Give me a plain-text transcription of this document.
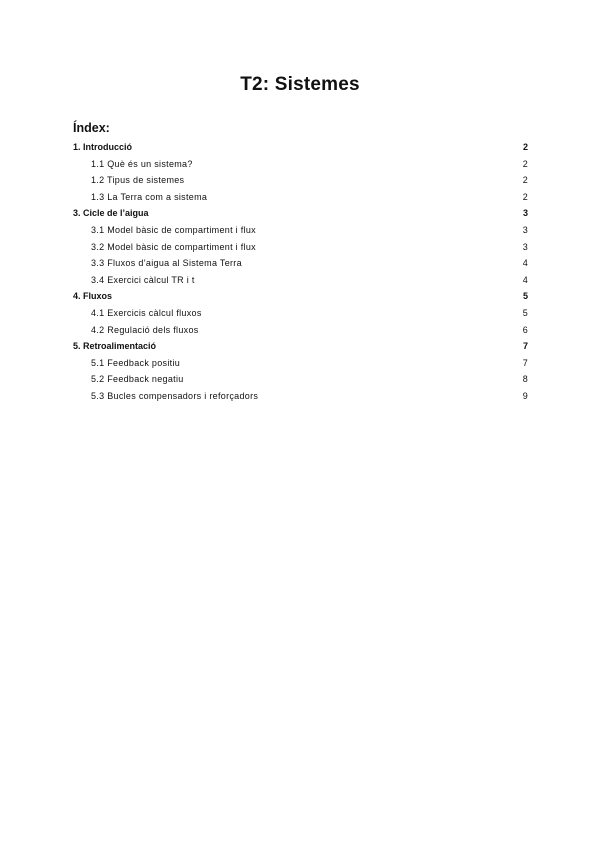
T2: Sistemes
Índex:
1. Introducció	2
1.1 Què és un sistema?	2
1.2 Tipus de sistemes	2
1.3 La Terra com a sistema	2
3. Cicle de l’aigua	3
3.1 Model bàsic de compartiment i flux	3
3.2 Model bàsic de compartiment i flux	3
3.3 Fluxos d’aigua al Sistema Terra	4
3.4 Exercici càlcul TR i t	4
4. Fluxos	5
4.1 Exercicis càlcul fluxos	5
4.2 Regulació dels fluxos	6
5. Retroalimentació	7
5.1 Feedback positiu	7
5.2 Feedback negatiu	8
5.3 Bucles compensadors i reforçadors	9
